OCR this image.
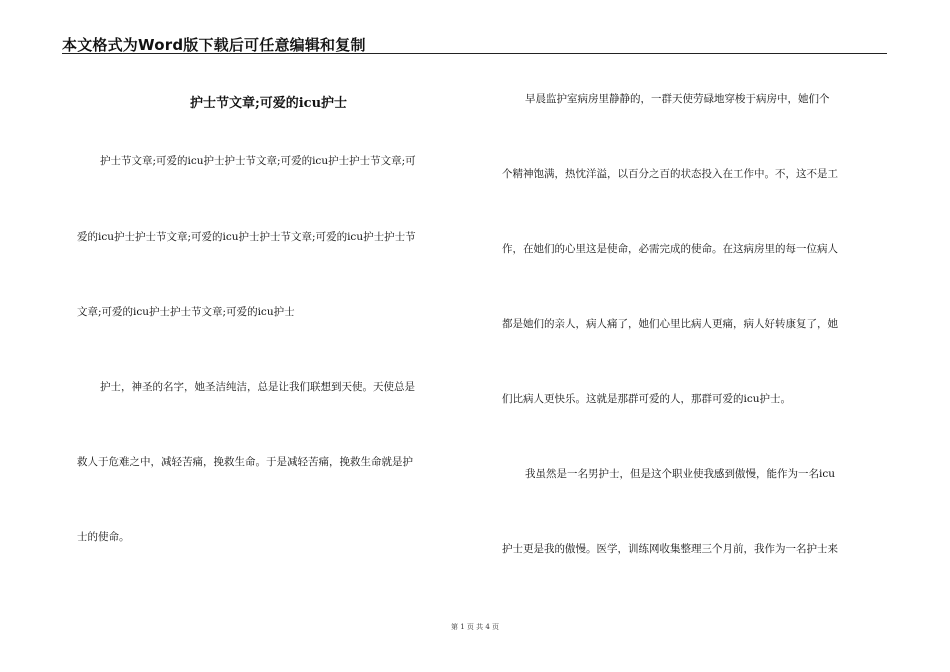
本文格式为Word版下载后可任意编辑和复制
护士节文章;可爱的icu护士
护士节文章;可爱的icu护士护士节文章;可爱的icu护士护士节文章;可
爱的icu护士护士节文章;可爱的icu护士护士节文章;可爱的icu护士护士节
文章;可爱的icu护士护士节文章;可爱的icu护士
护士，神圣的名字，她圣洁纯洁，总是让我们联想到天使。天使总是
救人于危难之中，减轻苦痛，挽救生命。于是减轻苦痛，挽救生命就是护
士的使命。
早晨监护室病房里静静的，一群天使劳碌地穿梭于病房中，她们个
个精神饱满，热忱洋溢，以百分之百的状态投入在工作中。不，这不是工
作，在她们的心里这是使命，必需完成的使命。在这病房里的每一位病人
都是她们的亲人，病人痛了，她们心里比病人更痛，病人好转康复了，她
们比病人更快乐。这就是那群可爱的人，那群可爱的icu护士。
我虽然是一名男护士，但是这个职业使我感到傲慢，能作为一名icu
护士更是我的傲慢。医学，训练网收集整理三个月前，我作为一名护士来
第 1 页 共 4 页
